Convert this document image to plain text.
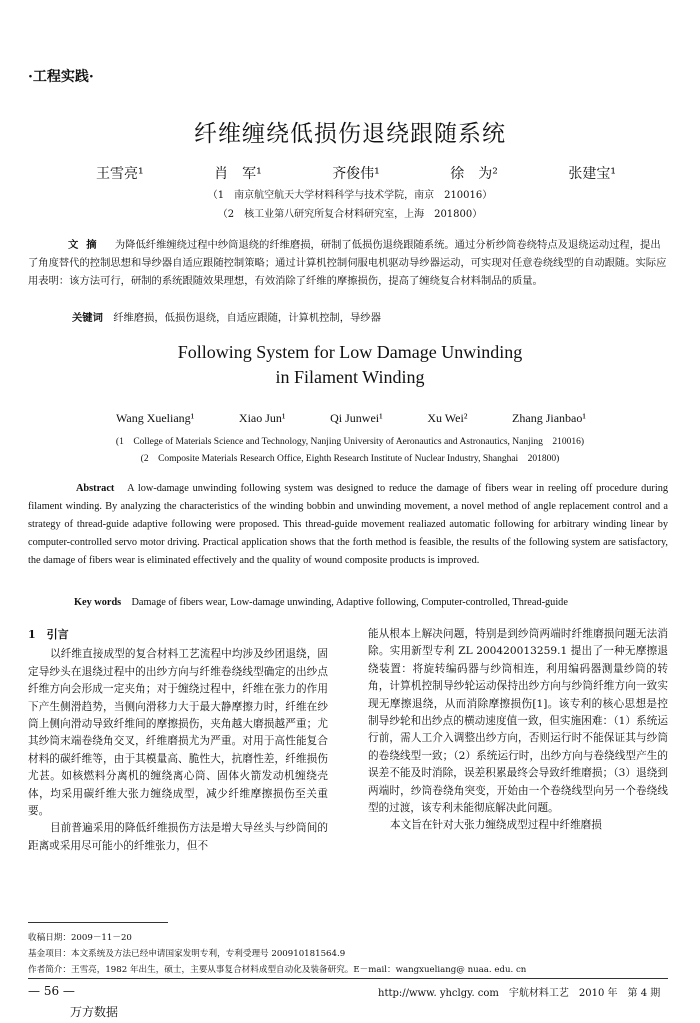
·工程实践·
纤维缠绕低损伤退绕跟随系统
王雪亮¹	肖　军¹	齐俊伟¹	徐　为²	张建宝¹
（1　南京航空航天大学材料科学与技术学院，南京　210016）
（2　核工业第八研究所复合材料研究室，上海　201800）

文摘　 为降低纤维缠绕过程中纱筒退绕的纤维磨损，研制了低损伤退绕跟随系统。通过分析纱筒卷绕特点及退绕运动过程，提出了角度替代的控制思想和导纱器自适应跟随控制策略；通过计算机控制伺服电机驱动导纱器运动，可实现对任意卷绕线型的自动跟随。实际应用表明：该方法可行，研制的系统跟随效果理想，有效消除了纤维的摩擦损伤，提高了缠绕复合材料制品的质量。

关键词　 纤维磨损，低损伤退绕，自适应跟随，计算机控制，导纱器
Following System for Low Damage Unwinding
in Filament Winding
Wang Xueliang¹	Xiao Jun¹	Qi Junwei¹	Xu Wei²	Zhang Jianbao¹
(1　College of Materials Science and Technology, Nanjing University of Aeronautics and Astronautics, Nanjing　210016)
(2　Composite Materials Research Office, Eighth Research Institute of Nuclear Industry, Shanghai　201800)

Abstract　 A low-damage unwinding following system was designed to reduce the damage of fibers wear in reeling off procedure during filament winding. By analyzing the characteristics of the winding bobbin and unwinding movement, a novel method of angle replacement control and a strategy of thread-guide adaptive following were proposed. This thread-guide movement realiazed automatic following for arbitrary winding linear by computer-controlled servo motor driving. Practical application shows that the forth method is feasible, the results of the following system are satisfactory, the damage of fibers wear is eliminated effectively and the quality of wound composite products is improved.

Key words　 Damage of fibers wear, Low-damage unwinding, Adaptive following, Computer-controlled, Thread-guide
1　引言

以纤维直接成型的复合材料工艺流程中均涉及纱团退绕，固定导纱头在退绕过程中的出纱方向与纤维卷绕线型确定的出纱点纤维方向会形成一定夹角；对于缠绕过程中，纤维在张力的作用下产生侧滑趋势，当侧向滑移力大于最大静摩擦力时，纤维在纱筒上侧向滑动导致纤维间的摩擦损伤，夹角越大磨损越严重；尤其纱筒末端卷绕角交叉，纤维磨损尤为严重。对用于高性能复合材料的碳纤维等，由于其模量高、脆性大，抗磨性差，纤维损伤尤甚。如核燃料分离机的缠绕离心筒、固体火箭发动机缠绕壳体，均采用碳纤维大张力缠绕成型，减少纤维摩擦损伤至关重要。

目前普遍采用的降低纤维损伤方法是增大导丝头与纱筒间的距离或采用尽可能小的纤维张力，但不

能从根本上解决问题，特别是到纱筒两端时纤维磨损问题无法消除。实用新型专利 ZL 200420013259.1 提出了一种无摩擦退绕装置：将旋转编码器与纱筒相连，利用编码器测量纱筒的转角，计算机控制导纱轮运动保持出纱方向与纱筒纤维方向一致实现无摩擦退绕，从而消除摩擦损伤[1]。该专利的核心思想是控制导纱轮和出纱点的横动速度值一致，但实施困难：（1）系统运行前，需人工介入调整出纱方向，否则运行时不能保证其与纱筒的卷绕线型一致；（2）系统运行时，出纱方向与卷绕线型产生的误差不能及时消除，误差积累最终会导致纤维磨损；（3）退绕到两端时，纱筒卷绕角突变，开始由一个卷绕线型向另一个卷绕线型的过渡，该专利未能彻底解决此问题。

本文旨在针对大张力缠绕成型过程中纤维磨损

收稿日期：2009－11－20
基金项目：本文系统及方法已经申请国家发明专利，专利受理号 200910181564.9
作者简介：王雪亮，1982 年出生，硕士，主要从事复合材料成型自动化及装备研究。E－mail：wangxueliang@ nuaa. edu. cn
— 56 —	http://www. yhclgy. com　宇航材料工艺　2010 年　第 4 期
万方数据
